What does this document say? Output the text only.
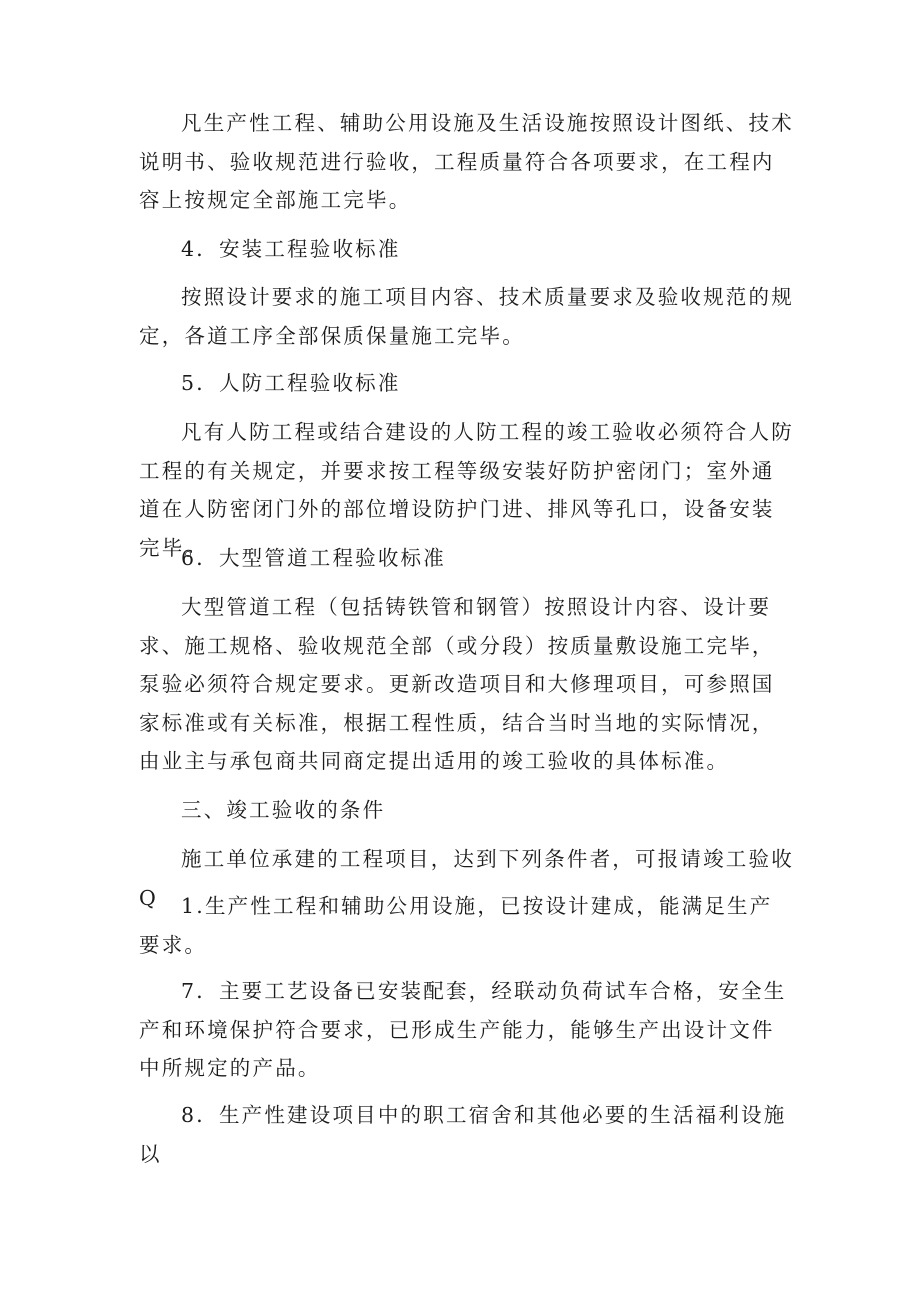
凡生产性工程、辅助公用设施及生活设施按照设计图纸、技术说明书、验收规范进行验收，工程质量符合各项要求，在工程内容上按规定全部施工完毕。

4．安装工程验收标准

按照设计要求的施工项目内容、技术质量要求及验收规范的规定，各道工序全部保质保量施工完毕。

5．人防工程验收标准

凡有人防工程或结合建设的人防工程的竣工验收必须符合人防工程的有关规定，并要求按工程等级安装好防护密闭门；室外通道在人防密闭门外的部位增设防护门进、排风等孔口，设备安装完毕。

6．大型管道工程验收标准

大型管道工程（包括铸铁管和钢管）按照设计内容、设计要求、施工规格、验收规范全部（或分段）按质量敷设施工完毕，泵验必须符合规定要求。更新改造项目和大修理项目，可参照国家标准或有关标准，根据工程性质，结合当时当地的实际情况，由业主与承包商共同商定提出适用的竣工验收的具体标准。

三、竣工验收的条件

施工单位承建的工程项目，达到下列条件者，可报请竣工验收Q	1.生产性工程和辅助公用设施，已按设计建成，能满足生产要求。

7．主要工艺设备已安装配套，经联动负荷试车合格，安全生产和环境保护符合要求，已形成生产能力，能够生产出设计文件中所规定的产品。

8．生产性建设项目中的职工宿舍和其他必要的生活福利设施以
